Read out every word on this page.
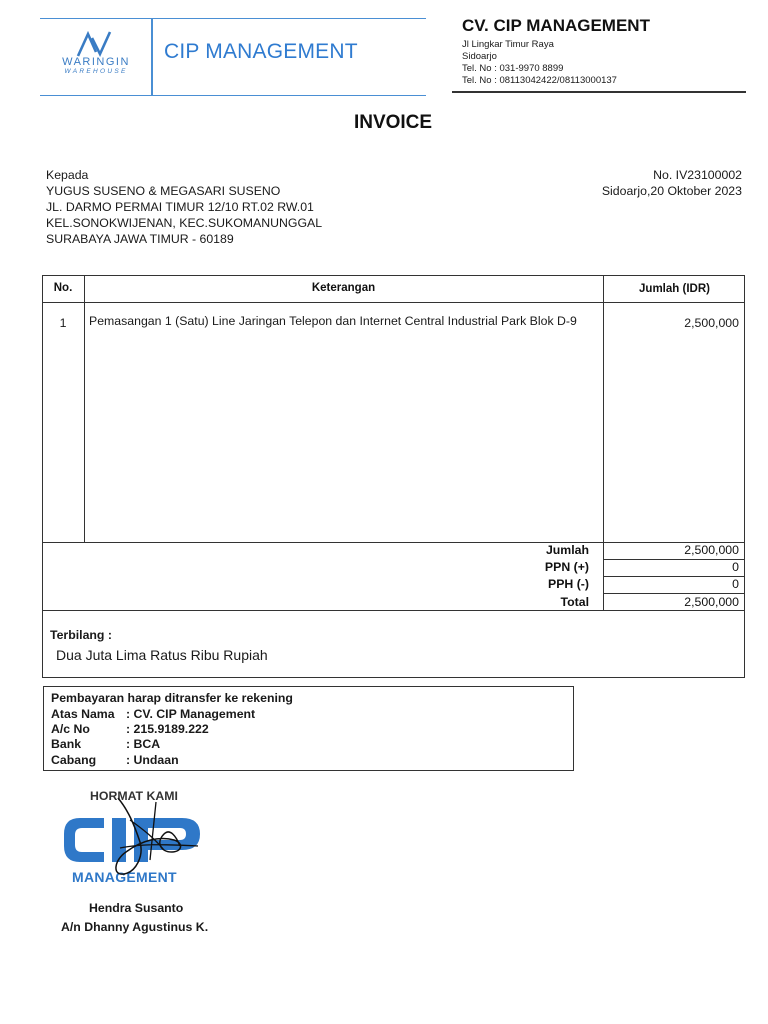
WARINGIN
WAREHOUSE
CIP MANAGEMENT
CV. CIP MANAGEMENT
Jl Lingkar Timur Raya
Sidoarjo
Tel. No : 031-9970 8899
Tel. No : 08113042422/08113000137
INVOICE
Kepada
YUGUS SUSENO & MEGASARI SUSENO
JL. DARMO PERMAI TIMUR 12/10 RT.02 RW.01
KEL.SONOKWIJENAN, KEC.SUKOMANUNGGAL
SURABAYA JAWA TIMUR - 60189
No. IV23100002
Sidoarjo,20 Oktober 2023
No.	Keterangan	Jumlah (IDR)
1	Pemasangan 1 (Satu) Line Jaringan Telepon dan Internet Central Industrial Park Blok D-9	2,500,000
Jumlah	2,500,000
PPN (+)	0
PPH (-)	0
Total	2,500,000
Terbilang :
Dua Juta Lima Ratus Ribu Rupiah
Pembayaran harap ditransfer ke rekening
Atas Nama : CV. CIP Management
A/c No	: 215.9189.222
Bank	: BCA
Cabang : Undaan
HORMAT KAMI
MANAGEMENT
Hendra Susanto
A/n Dhanny Agustinus K.
